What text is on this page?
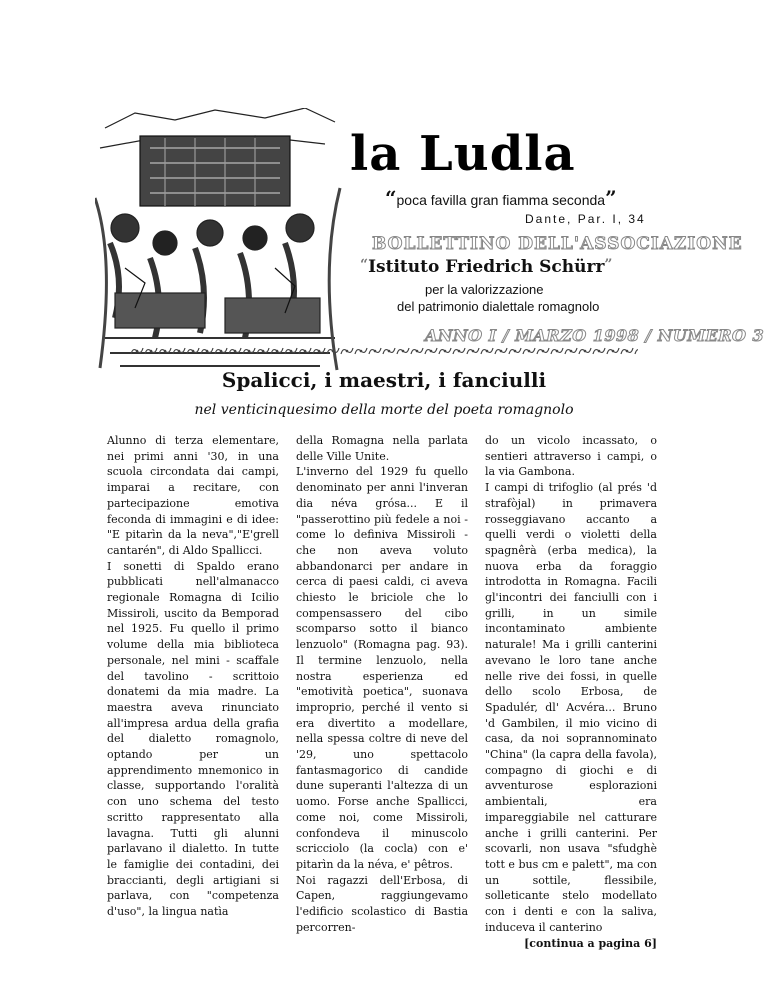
la Ludla
“poca favilla gran fiamma seconda”
Dante, Par. I, 34
BOLLETTINO DELL'ASSOCIAZIONE
“Istituto Friedrich Schürr”
per la valorizzazione
del patrimonio dialettale romagnolo
ANNO I / MARZO 1998 / NUMERO 3
Spalicci, i maestri, i fanciulli
nel venticinquesimo della morte del poeta romagnolo

Alunno di terza elementare, nei primi anni '30, in una scuola circondata dai campi, imparai a recitare, con partecipazione emotiva feconda di immagini e di idee: "E pitarìn da la neva","E'grell cantarén", di Aldo Spallicci.

I sonetti di Spaldo erano pubblicati nell'almanacco regionale Romagna di Icilio Missiroli, uscito da Bemporad nel 1925. Fu quello il primo volume della mia biblioteca personale, nel mini - scaffale del tavolino - scrittoio donatemi da mia madre. La maestra aveva rinunciato all'impresa ardua della grafia del dialetto romagnolo, optando per un apprendimento mnemonico in classe, supportando l'oralità con uno schema del testo scritto rappresentato alla lavagna. Tutti gli alunni parlavano il dialetto. In tutte le famiglie dei contadini, dei braccianti, degli artigiani si parlava, con "competenza d'uso", la lingua natìa

della Romagna nella parlata delle Ville Unite.

L'inverno del 1929 fu quello denominato per anni l'inveran dia néva grósa... E il "passerottino più fedele a noi - come lo definiva Missiroli - che non aveva voluto abbandonarci per andare in cerca di paesi caldi, ci aveva chiesto le briciole che lo compensassero del cibo scomparso sotto il bianco lenzuolo" (Romagna pag. 93). Il termine lenzuolo, nella nostra esperienza ed "emotività poetica", suonava improprio, perché il vento si era divertito a modellare, nella spessa coltre di neve del '29, uno spettacolo fantasmagorico di candide dune superanti l'altezza di un uomo. Forse anche Spallicci, come noi, come Missiroli, confondeva il minuscolo scricciolo (la cocla) con e' pitarìn da la néva, e' pêtros.

Noi ragazzi dell'Erbosa, di Capen, raggiungevamo l'edificio scolastico di Bastia percorren-

do un vicolo incassato, o sentieri attraverso i campi, o la via Gambona.

I campi di trifoglio (al prés 'd strafòjal) in primavera rosseggiavano accanto a quelli verdi o violetti della spagnêrà (erba medica), la nuova erba da foraggio introdotta in Romagna. Facili gl'incontri dei fanciulli con i grilli, in un simile incontaminato ambiente naturale! Ma i grilli canterini avevano le loro tane anche nelle rive dei fossi, in quelle dello scolo Erbosa, de Spadulér, dl' Acvéra... Bruno 'd Gambilen, il mio vicino di casa, da noi soprannominato "China" (la capra della favola), compagno di giochi e di avventurose esplorazioni ambientali, era impareggiabile nel catturare anche i grilli canterini. Per scovarli, non usava "sfudghè tott e bus cm e palett", ma con un sottile, flessibile, solleticante stelo modellato con i denti e con la saliva, induceva il canterino

[continua a pagina 6]
